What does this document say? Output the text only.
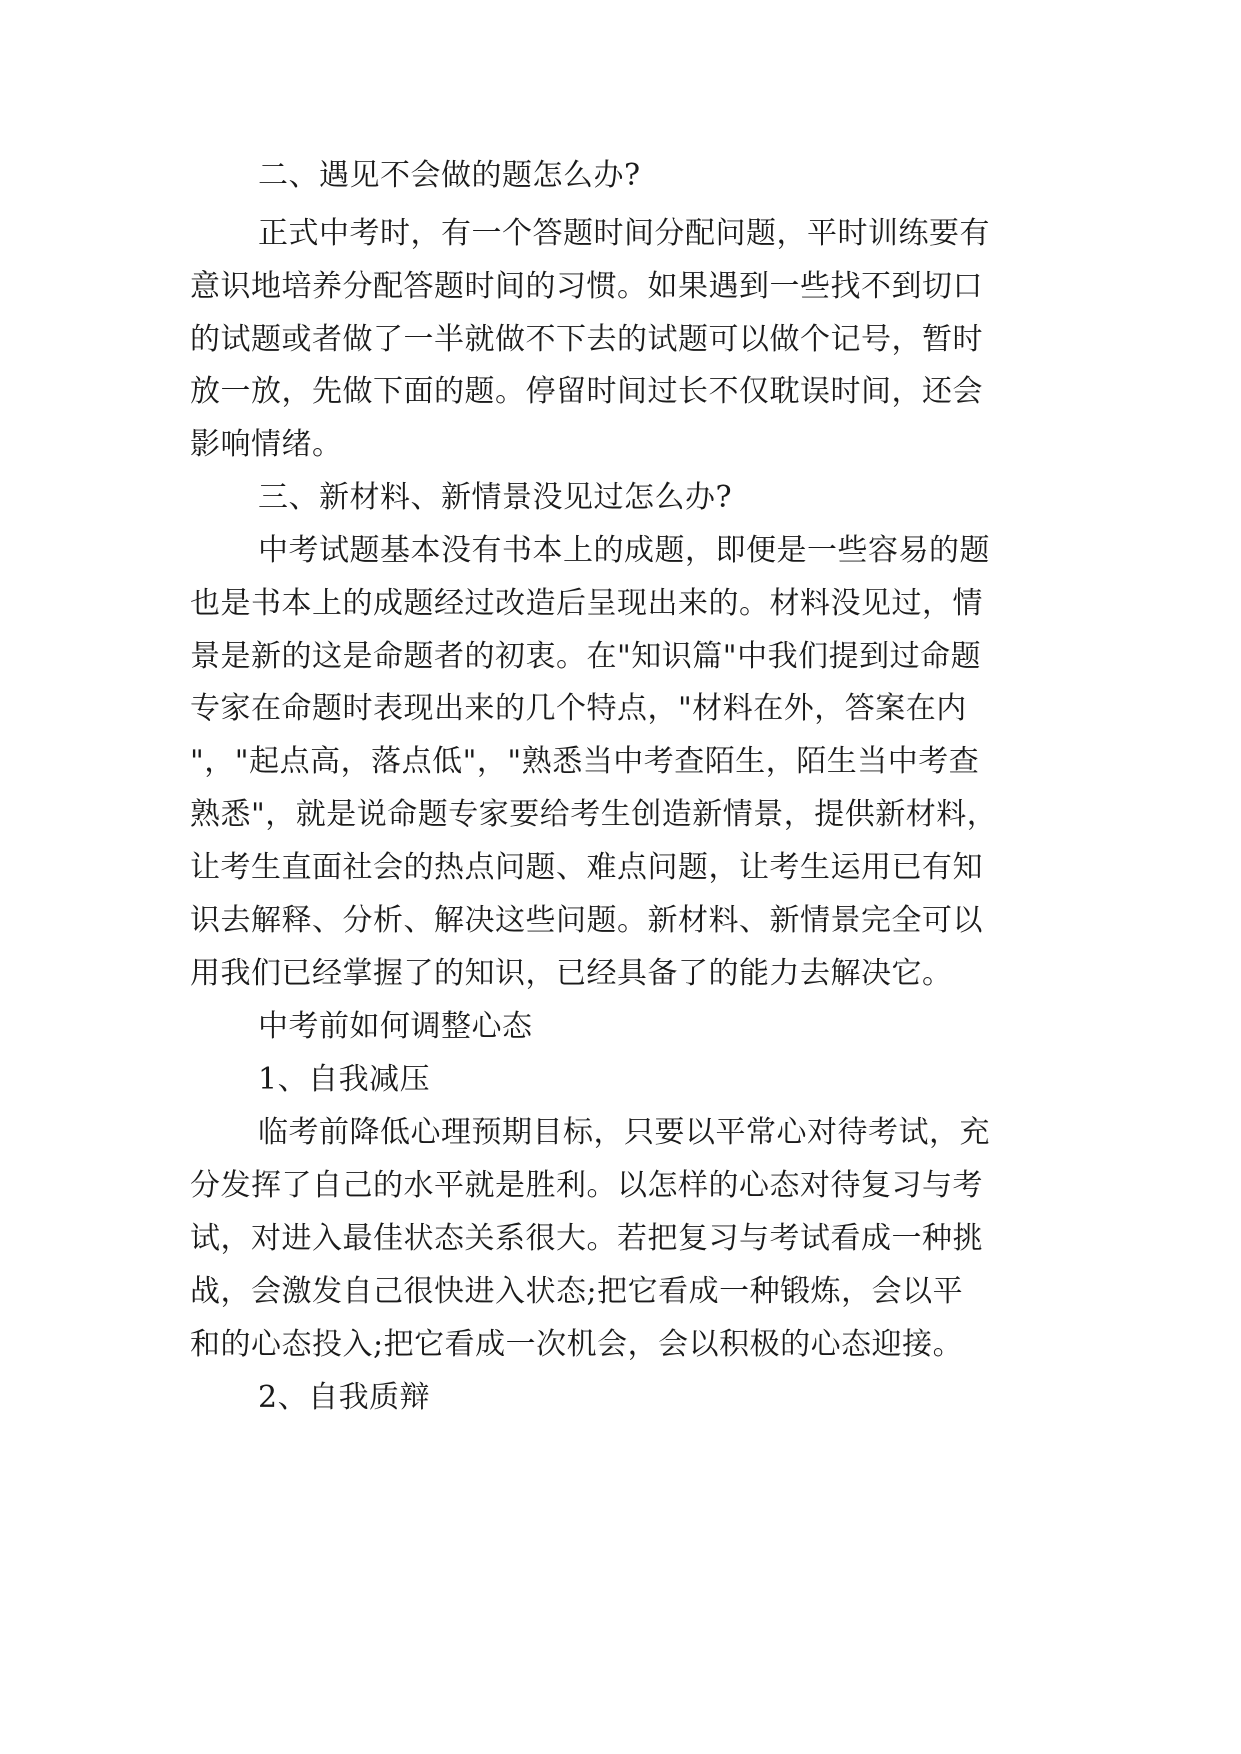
二、遇见不会做的题怎么办?
正式中考时，有一个答题时间分配问题，平时训练要有
意识地培养分配答题时间的习惯。如果遇到一些找不到切口
的试题或者做了一半就做不下去的试题可以做个记号，暂时
放一放，先做下面的题。停留时间过长不仅耽误时间，还会
影响情绪。
三、新材料、新情景没见过怎么办?
中考试题基本没有书本上的成题，即便是一些容易的题
也是书本上的成题经过改造后呈现出来的。材料没见过，情
景是新的这是命题者的初衷。在"知识篇"中我们提到过命题
专家在命题时表现出来的几个特点，"材料在外，答案在内
"，"起点高，落点低"，"熟悉当中考查陌生，陌生当中考查
熟悉"，就是说命题专家要给考生创造新情景，提供新材料，
让考生直面社会的热点问题、难点问题，让考生运用已有知
识去解释、分析、解决这些问题。新材料、新情景完全可以
用我们已经掌握了的知识，已经具备了的能力去解决它。
中考前如何调整心态
1、自我减压
临考前降低心理预期目标，只要以平常心对待考试，充
分发挥了自己的水平就是胜利。以怎样的心态对待复习与考
试，对进入最佳状态关系很大。若把复习与考试看成一种挑
战，会激发自己很快进入状态;把它看成一种锻炼，会以平
和的心态投入;把它看成一次机会，会以积极的心态迎接。
2、自我质辩
